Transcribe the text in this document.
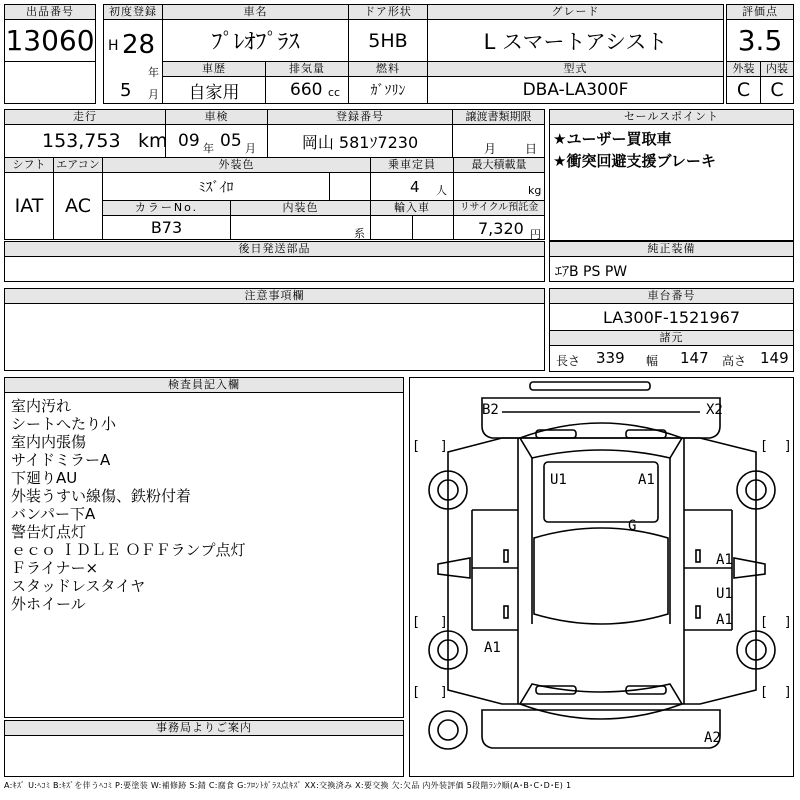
出品番号
13060
初度登録
H 28
年
5 月
車名
ﾌﾟﾚｵﾌﾟﾗｽ
ドア形状
5HB
グレード
L スマートアシスト
評価点
3.5
車歴
自家用
排気量
660 cc
燃料
ｶﾞｿﾘﾝ
型式
DBA-LA300F
外装
C
内装
C
走行
153,753 km
車検
09 年 05 月
登録番号
岡山 581ｿ7230
譲渡書類期限
月 日
シフト
IAT
エアコン
AC
外装色
ﾐｽﾞｲﾛ
乗車定員
4 人
最大積載量
kg
カラーNo.
B73
内装色
系
輸入車	リサイクル預託金
7,320 円
セールスポイント
★ユーザー買取車
★衝突回避支援ブレーキ
後日発送部品	純正装備
ｴｱB PS PW
注意事項欄	車台番号
LA300F-1521967
諸元
長さ 339 幅 147 高さ 149
検査員記入欄
室内汚れ
シートへたり小
室内内張傷
サイドミラーA
下廻りAU
外装うすい線傷、鉄粉付着
バンパー下A
警告灯点灯
ｅｃｏ ＩＤＬＥ ＯＦＦランプ点灯
Ｆライナー×
スタッドレスタイヤ
外ホイール
事務局よりご案内
[ ]	[ ]
[ ]	[ ]
[ ]	[ ]
B2	X2
U1	A1
G
A1
U1
A1
A1
A2
A:ｷｽﾞ U:ﾍｺﾐ B:ｷｽﾞを伴うﾍｺﾐ P:要塗装 W:補修跡 S:錆 C:腐食 G:ﾌﾛﾝﾄｶﾞﾗｽ点ｷｽﾞ XX:交換済み X:要交換 欠:欠品 内外装評価 5段階ﾗﾝｸ順(A･B･C･D･E) 1
